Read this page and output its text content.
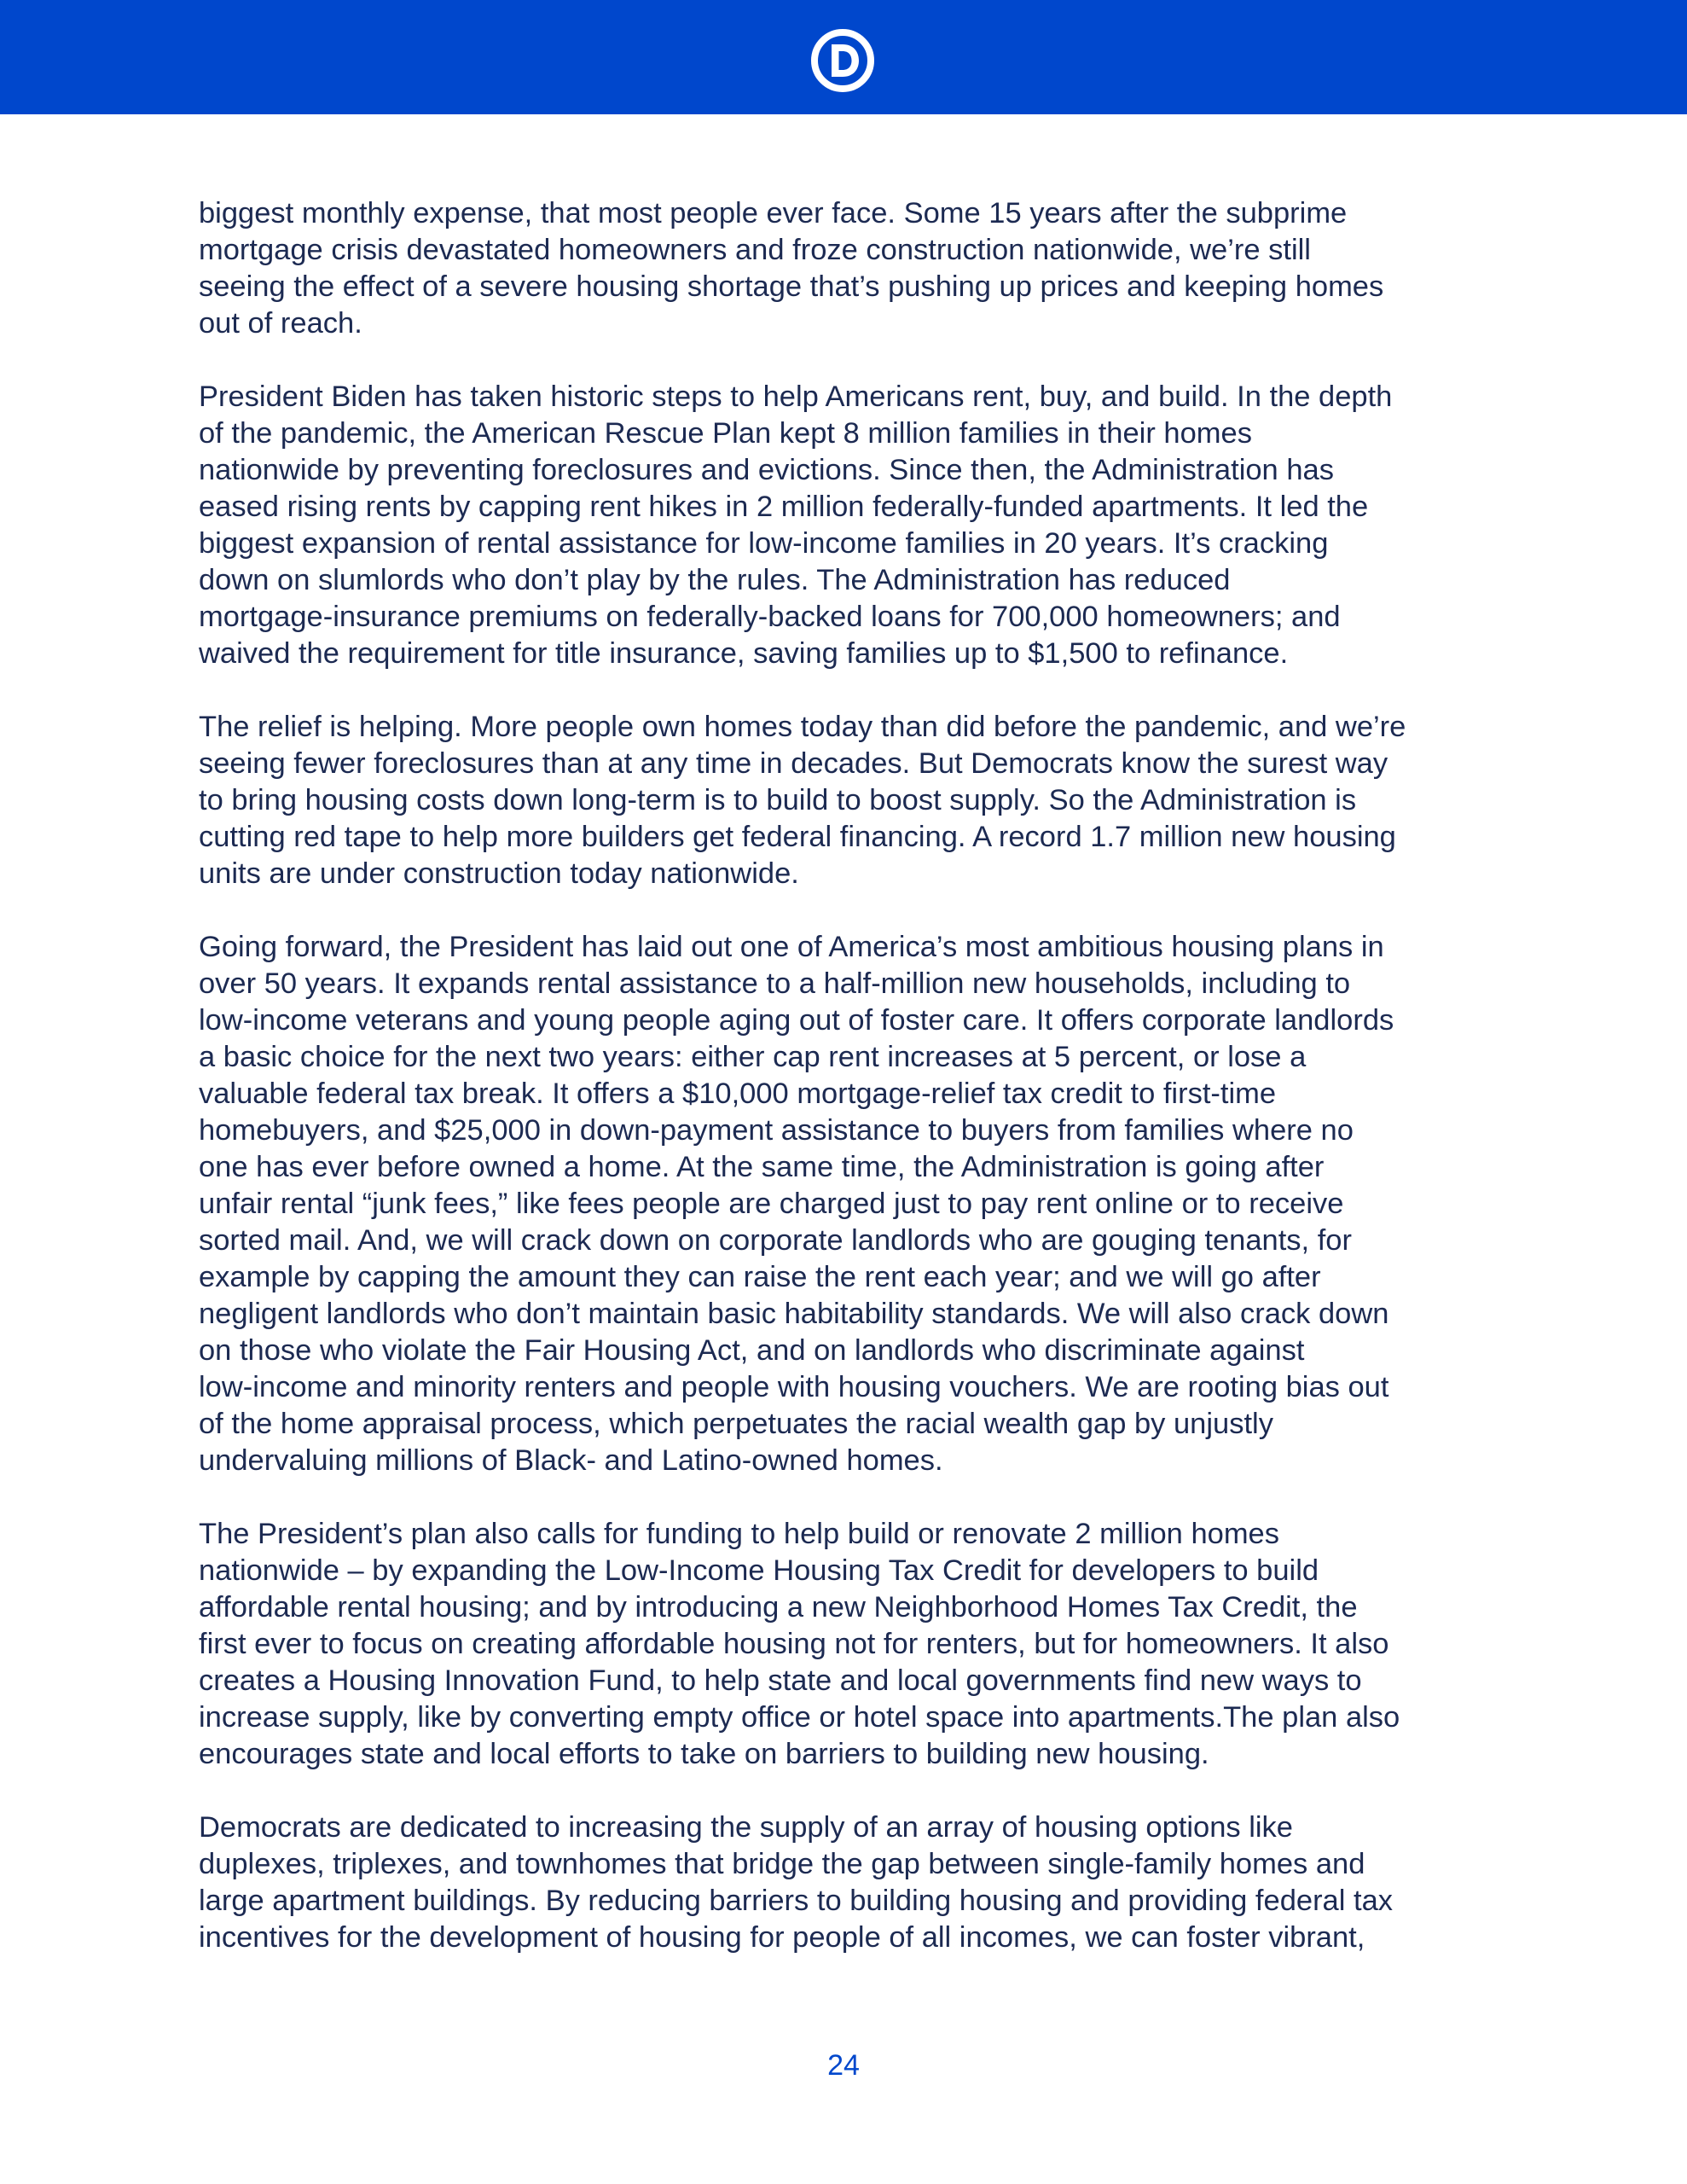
biggest monthly expense, that most people ever face. Some 15 years after the subprime
mortgage crisis devastated homeowners and froze construction nationwide, we’re still
seeing the effect of a severe housing shortage that’s pushing up prices and keeping homes
out of reach.

President Biden has taken historic steps to help Americans rent, buy, and build. In the depth
of the pandemic, the American Rescue Plan kept 8 million families in their homes
nationwide by preventing foreclosures and evictions. Since then, the Administration has
eased rising rents by capping rent hikes in 2 million federally-funded apartments. It led the
biggest expansion of rental assistance for low-income families in 20 years. It’s cracking
down on slumlords who don’t play by the rules. The Administration has reduced
mortgage-insurance premiums on federally-backed loans for 700,000 homeowners; and
waived the requirement for title insurance, saving families up to $1,500 to refinance.

The relief is helping. More people own homes today than did before the pandemic, and we’re
seeing fewer foreclosures than at any time in decades. But Democrats know the surest way
to bring housing costs down long-term is to build to boost supply. So the Administration is
cutting red tape to help more builders get federal financing. A record 1.7 million new housing
units are under construction today nationwide.

Going forward, the President has laid out one of America’s most ambitious housing plans in
over 50 years. It expands rental assistance to a half-million new households, including to
low-income veterans and young people aging out of foster care. It offers corporate landlords
a basic choice for the next two years: either cap rent increases at 5 percent, or lose a
valuable federal tax break. It offers a $10,000 mortgage-relief tax credit to first-time
homebuyers, and $25,000 in down-payment assistance to buyers from families where no
one has ever before owned a home. At the same time, the Administration is going after
unfair rental “junk fees,” like fees people are charged just to pay rent online or to receive
sorted mail. And, we will crack down on corporate landlords who are gouging tenants, for
example by capping the amount they can raise the rent each year; and we will go after
negligent landlords who don’t maintain basic habitability standards. We will also crack down
on those who violate the Fair Housing Act, and on landlords who discriminate against
low-income and minority renters and people with housing vouchers. We are rooting bias out
of the home appraisal process, which perpetuates the racial wealth gap by unjustly
undervaluing millions of Black- and Latino-owned homes.

The President’s plan also calls for funding to help build or renovate 2 million homes
nationwide – by expanding the Low-Income Housing Tax Credit for developers to build
affordable rental housing; and by introducing a new Neighborhood Homes Tax Credit, the
first ever to focus on creating affordable housing not for renters, but for homeowners. It also
creates a Housing Innovation Fund, to help state and local governments find new ways to
increase supply, like by converting empty office or hotel space into apartments.The plan also
encourages state and local efforts to take on barriers to building new housing.

Democrats are dedicated to increasing the supply of an array of housing options like
duplexes, triplexes, and townhomes that bridge the gap between single-family homes and
large apartment buildings. By reducing barriers to building housing and providing federal tax
incentives for the development of housing for people of all incomes, we can foster vibrant,

24
